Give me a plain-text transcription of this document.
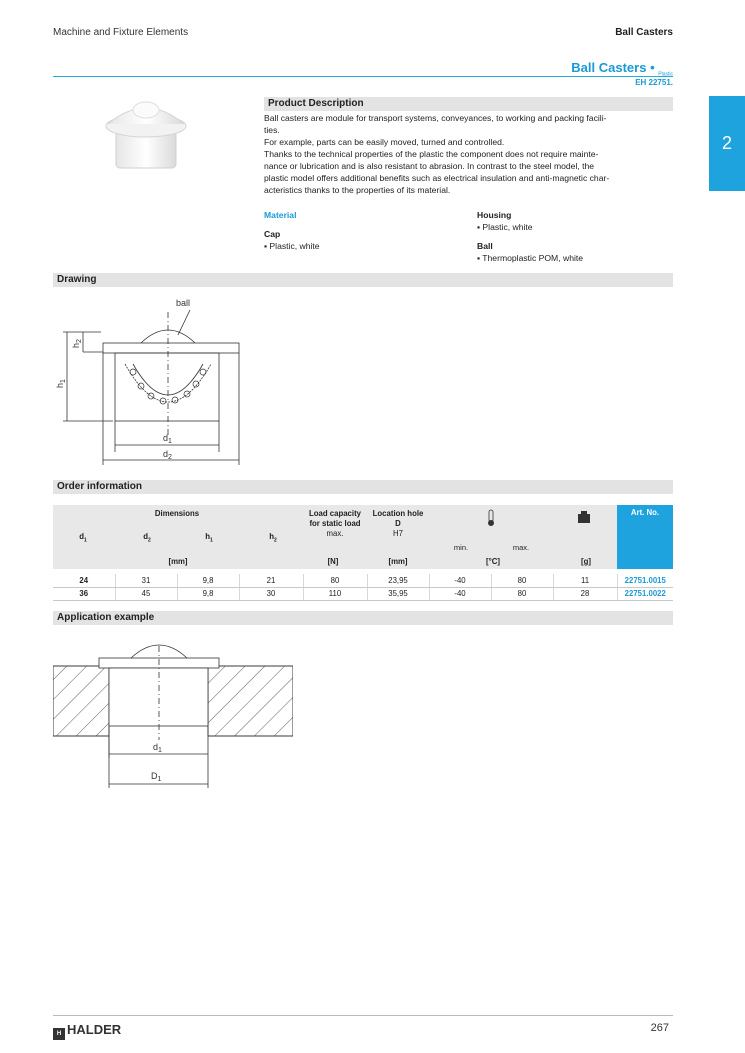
Machine and Fixture Elements	Ball Casters
Ball Casters • $_{Plastic}$
EH 22751.
2
Product Description

Ball casters are module for transport systems, conveyances, to working and packing facili-

ties.

For example, parts can be easily moved, turned and controlled.

Thanks to the technical properties of the plastic the component does not require mainte-

nance or lubrication and is also resistant to abrasion. In contrast to the steel model, the

plastic model offers additional benefits such as electrical insulation and anti-magnetic char-

acteristics thanks to the properties of its material.

Material
Cap
▪ Plastic, white
Housing
▪ Plastic, white
Ball
▪ Thermoplastic POM, white
Drawing
ball
$h_2$
$h_1$
$d_1$
$d_2$
Order information
Art. No.
Dimensions
$d_1$	$d_2$	$h_1$	$h_2$
Load capacity
for static load
max.
Location hole
D
H7
min.	max.
[mm]	[N]	[mm]	[°C]	[g]
24	31	9,8	21	80	23,95	-40	80	11	22751.0015
36	45	9,8	30	110	35,95	-40	80	28	22751.0022
Application example
$d_1$
$D_1$
H HALDER	267
